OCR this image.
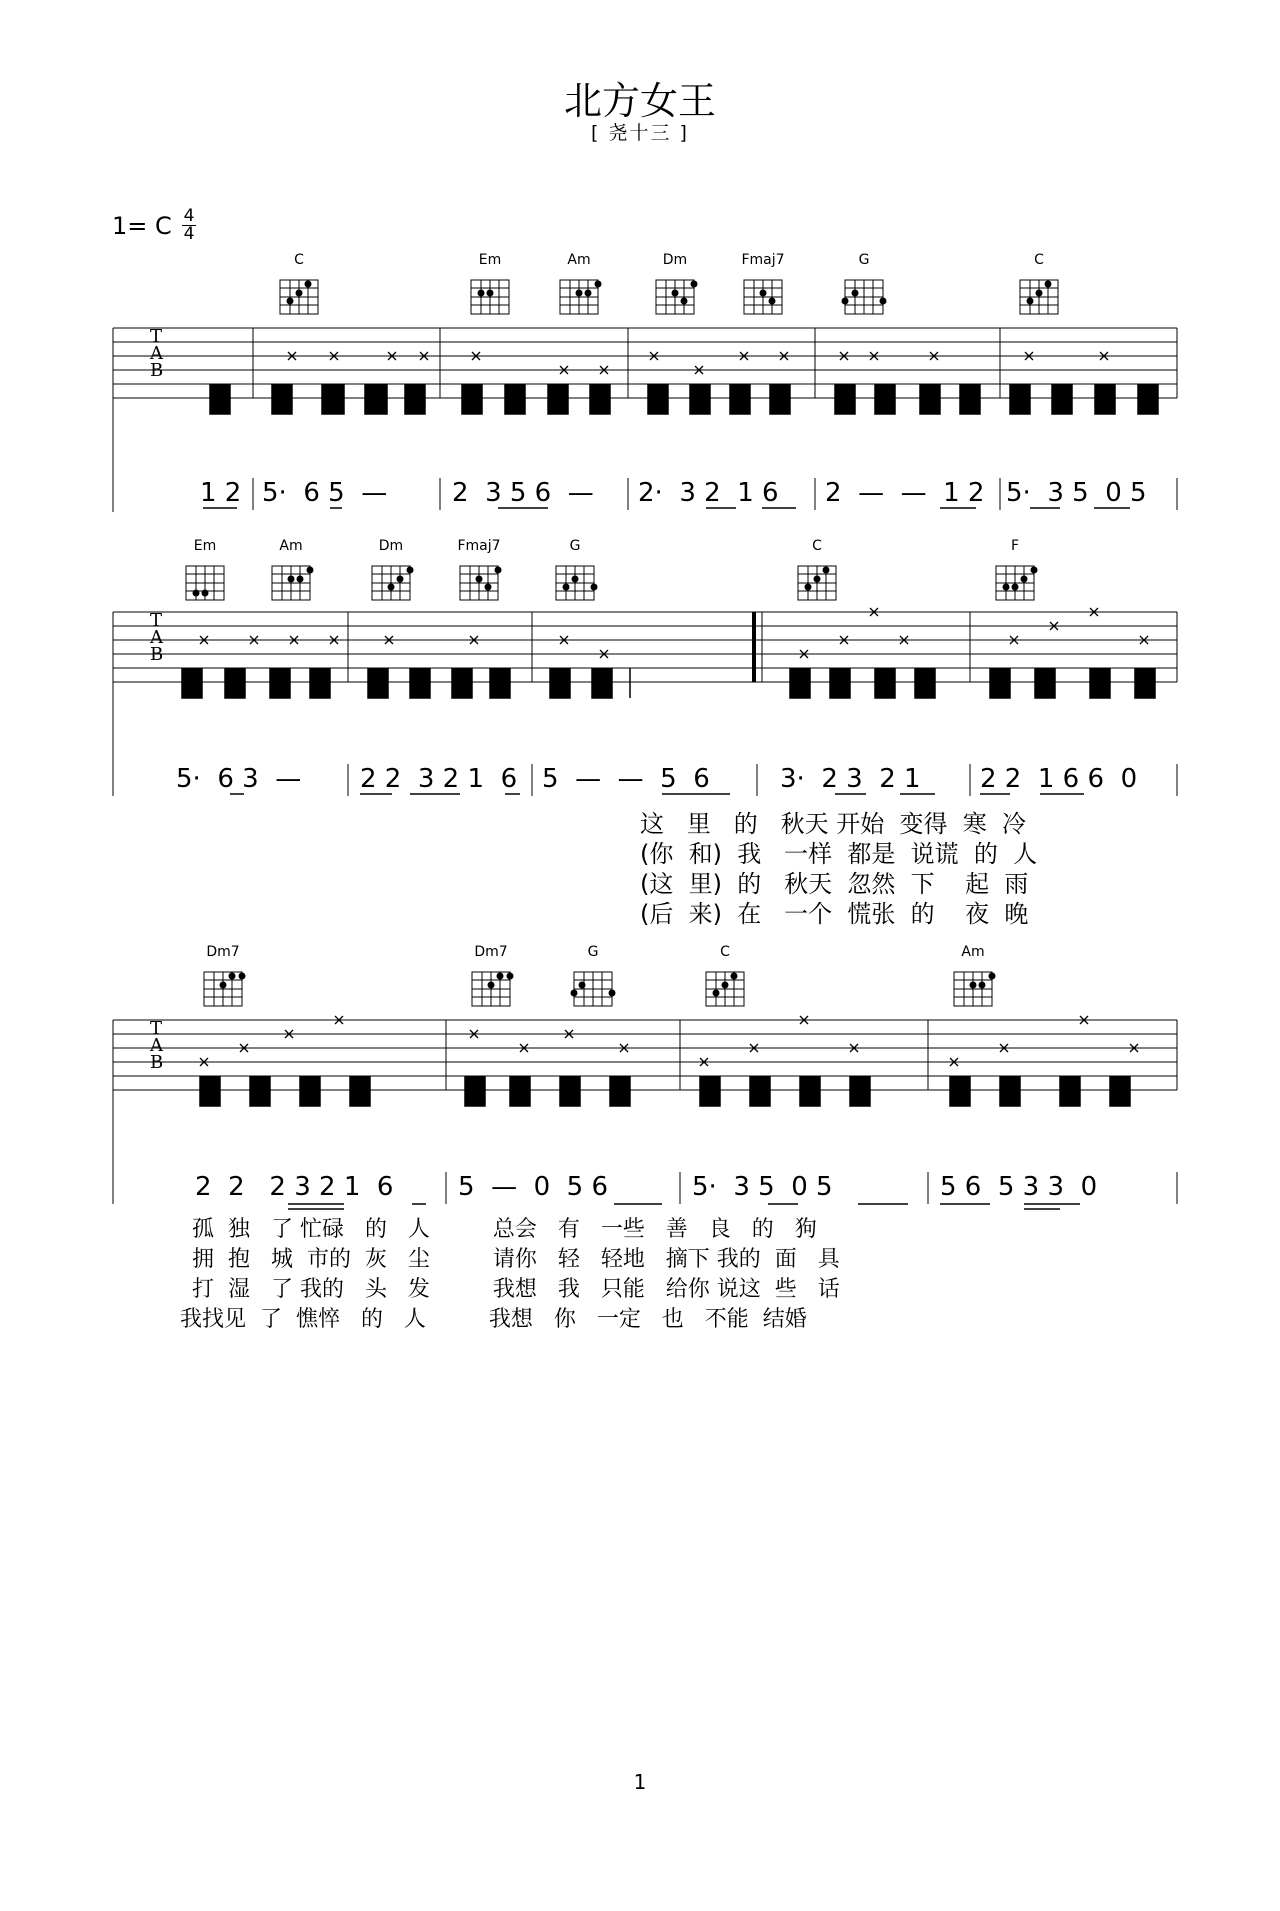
北方女王
[ 尧十三 ]
1= C 4
4
T
A
B
T
A
B
T
A
B
C	Em	Am	Dm	Fmaj7	G	C
Em	Am	Dm	Fmaj7	G	C	F
Dm7	Dm7	G	C	Am
1 2 5·  6 5  — 2  3 5 6  — 2·  3 2  1 6 2  —  —  1 2 5·  3 5  0 5
5·  6 3  — 2 2  3 2 1  6 5  —  —  5  6	3·  2 3  2 1 2 2  1 6 6  0
2  2   2 3 2 1  6 5  —  0  5 6	5·  3 5  0 5	5 6  5 3 3  0
这   里   的   秋天 开始  变得  寒  冷
(你  和)  我   一样  都是  说谎  的  人
(这  里)  的   秋天  忽然  下    起  雨
(后  来)  在   一个  慌张  的    夜  晚
孤  独   了 忙碌   的   人         总会   有   一些   善   良   的   狗
拥  抱   城  市的  灰   尘         请你   轻   轻地   摘下 我的  面   具
打  湿   了 我的   头   发         我想   我   只能   给你 说这  些   话
我找见  了  憔悴   的   人         我想   你   一定   也   不能  结婚
1
